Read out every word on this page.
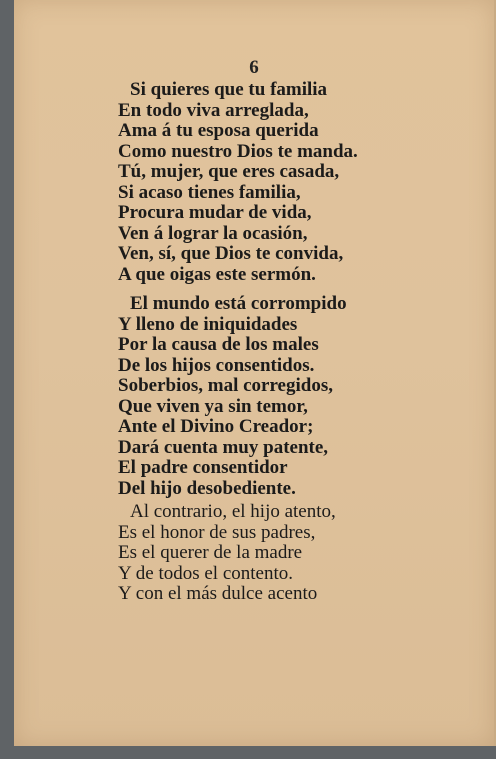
6
Si quieres que tu familia
En todo viva arreglada,
Ama á tu esposa querida
Como nuestro Dios te manda.
Tú, mujer, que eres casada,
Si acaso tienes familia,
Procura mudar de vida,
Ven á lograr la ocasión,
Ven, sí, que Dios te convida,
A que oigas este sermón.
El mundo está corrompido
Y lleno de iniquidades
Por la causa de los males
De los hijos consentidos.
Soberbios, mal corregidos,
Que viven ya sin temor,
Ante el Divino Creador;
Dará cuenta muy patente,
El padre consentidor
Del hijo desobediente.
Al contrario, el hijo atento,
Es el honor de sus padres,
Es el querer de la madre
Y de todos el contento.
Y con el más dulce acento
